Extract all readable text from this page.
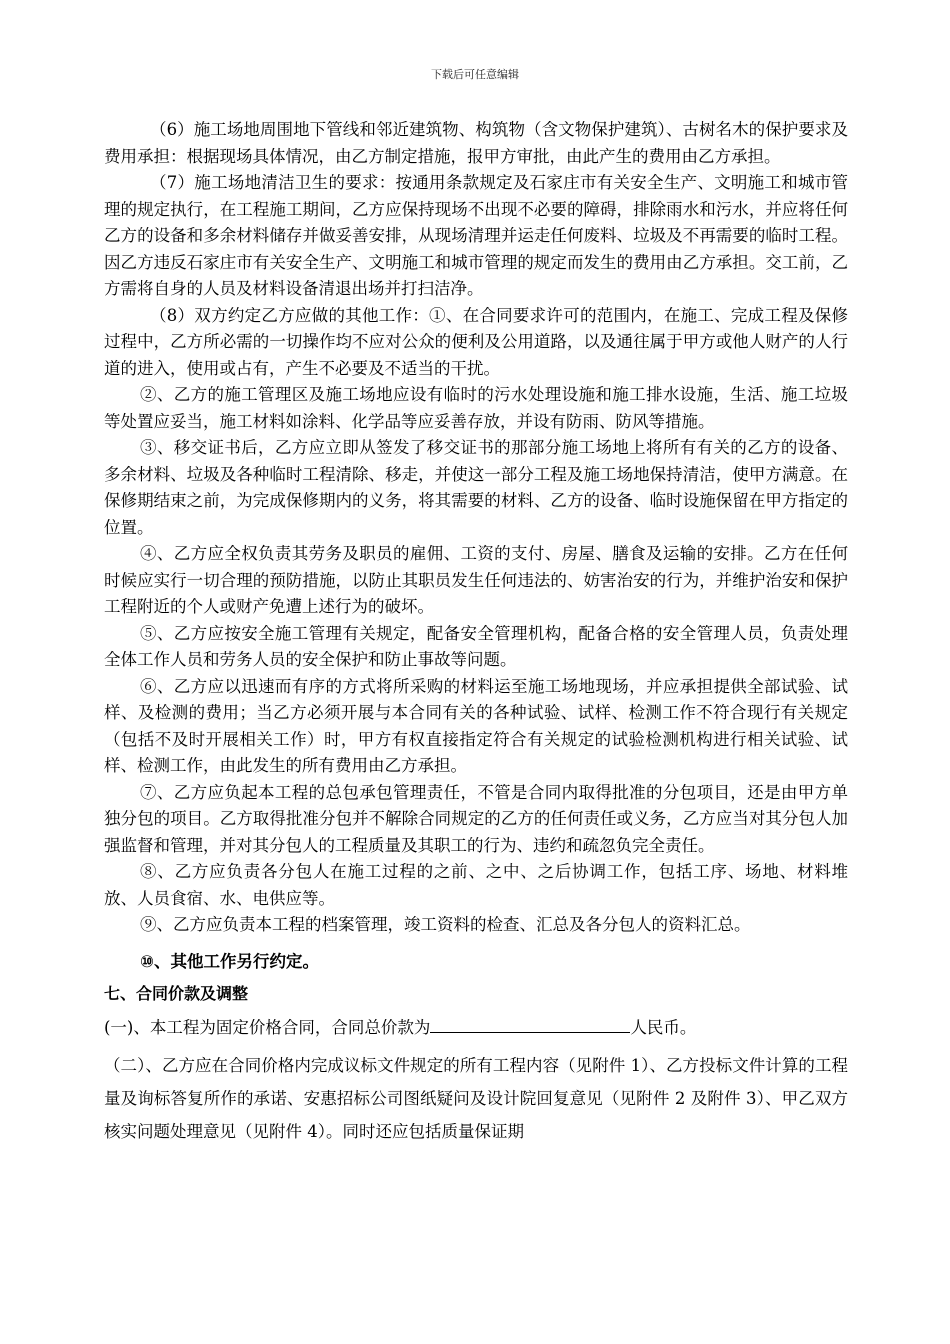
下载后可任意编辑

（6）施工场地周围地下管线和邻近建筑物、构筑物（含文物保护建筑）、古树名木的保护要求及费用承担：根据现场具体情况，由乙方制定措施，报甲方审批，由此产生的费用由乙方承担。

（7）施工场地清洁卫生的要求：按通用条款规定及石家庄市有关安全生产、文明施工和城市管理的规定执行，在工程施工期间，乙方应保持现场不出现不必要的障碍，排除雨水和污水，并应将任何乙方的设备和多余材料储存并做妥善安排，从现场清理并运走任何废料、垃圾及不再需要的临时工程。因乙方违反石家庄市有关安全生产、文明施工和城市管理的规定而发生的费用由乙方承担。交工前，乙方需将自身的人员及材料设备清退出场并打扫洁净。

（8）双方约定乙方应做的其他工作：①、在合同要求许可的范围内，在施工、完成工程及保修过程中，乙方所必需的一切操作均不应对公众的便利及公用道路，以及通往属于甲方或他人财产的人行道的进入，使用或占有，产生不必要及不适当的干扰。

②、乙方的施工管理区及施工场地应设有临时的污水处理设施和施工排水设施，生活、施工垃圾等处置应妥当，施工材料如涂料、化学品等应妥善存放，并设有防雨、防风等措施。

③、移交证书后，乙方应立即从签发了移交证书的那部分施工场地上将所有有关的乙方的设备、多余材料、垃圾及各种临时工程清除、移走，并使这一部分工程及施工场地保持清洁，使甲方满意。在保修期结束之前，为完成保修期内的义务，将其需要的材料、乙方的设备、临时设施保留在甲方指定的位置。

④、乙方应全权负责其劳务及职员的雇佣、工资的支付、房屋、膳食及运输的安排。乙方在任何时候应实行一切合理的预防措施，以防止其职员发生任何违法的、妨害治安的行为，并维护治安和保护工程附近的个人或财产免遭上述行为的破坏。

⑤、乙方应按安全施工管理有关规定，配备安全管理机构，配备合格的安全管理人员，负责处理全体工作人员和劳务人员的安全保护和防止事故等问题。

⑥、乙方应以迅速而有序的方式将所采购的材料运至施工场地现场，并应承担提供全部试验、试样、及检测的费用；当乙方必须开展与本合同有关的各种试验、试样、检测工作不符合现行有关规定（包括不及时开展相关工作）时，甲方有权直接指定符合有关规定的试验检测机构进行相关试验、试样、检测工作，由此发生的所有费用由乙方承担。

⑦、乙方应负起本工程的总包承包管理责任，不管是合同内取得批准的分包项目，还是由甲方单独分包的项目。乙方取得批准分包并不解除合同规定的乙方的任何责任或义务，乙方应当对其分包人加强监督和管理，并对其分包人的工程质量及其职工的行为、违约和疏忽负完全责任。

⑧、乙方应负责各分包人在施工过程的之前、之中、之后协调工作，包括工序、场地、材料堆放、人员食宿、水、电供应等。

⑨、乙方应负责本工程的档案管理，竣工资料的检查、汇总及各分包人的资料汇总。

⑩、其他工作另行约定。

七、合同价款及调整

(一)、本工程为固定价格合同，合同总价款为	人民币。

（二）、乙方应在合同价格内完成议标文件规定的所有工程内容（见附件 1）、乙方投标文件计算的工程量及询标答复所作的承诺、安惠招标公司图纸疑问及设计院回复意见（见附件 2 及附件 3）、甲乙双方核实问题处理意见（见附件 4）。同时还应包括质量保证期
